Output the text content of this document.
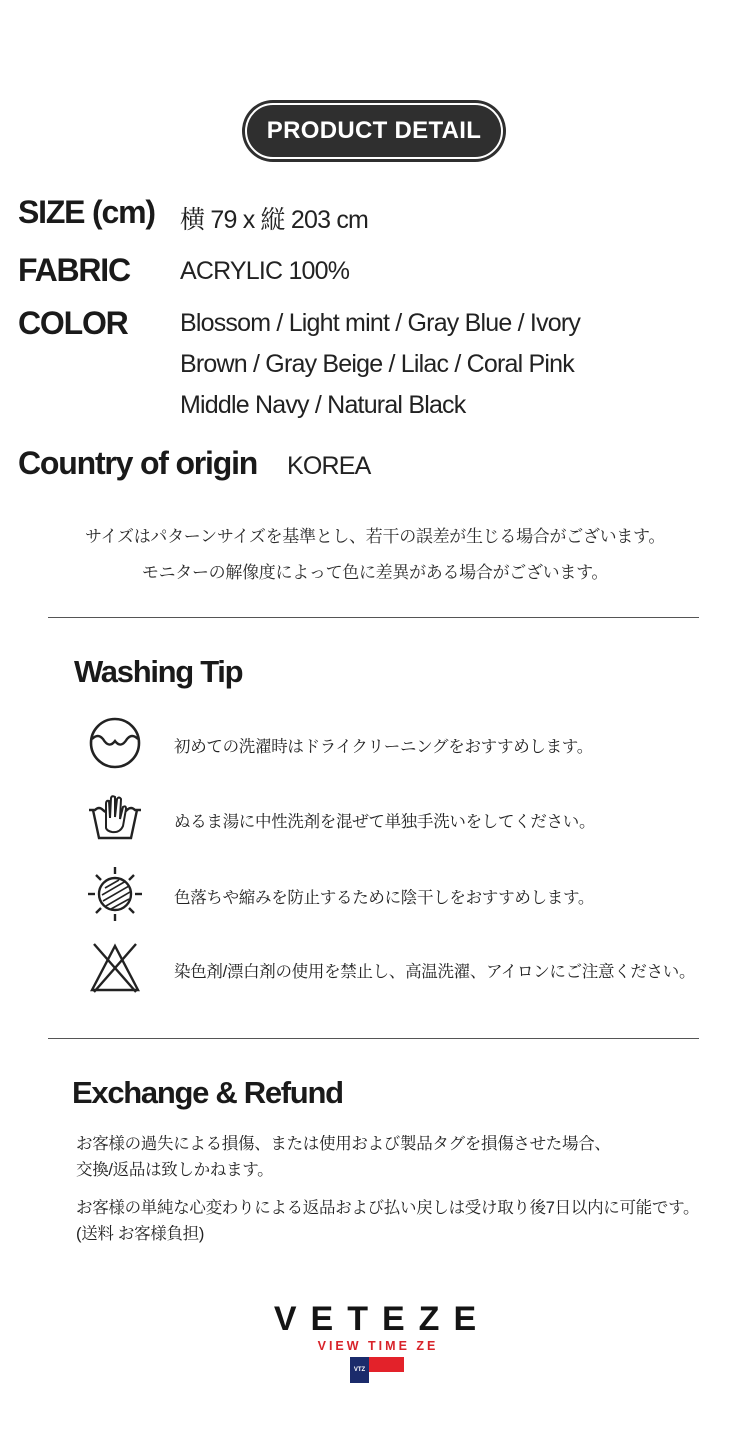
PRODUCT DETAIL
SIZE (cm) 横 79 x 縦 203 cm
FABRIC ACRYLIC 100%
COLOR Blossom / Light mint / Gray Blue / Ivory
Brown / Gray Beige / Lilac / Coral Pink
Middle Navy / Natural Black
Country of origin KOREA
サイズはパターンサイズを基準とし、若干の誤差が生じる場合がございます。
モニターの解像度によって色に差異がある場合がございます。
Washing Tip
初めての洗濯時はドライクリーニングをおすすめします。
ぬるま湯に中性洗剤を混ぜて単独手洗いをしてください。
色落ちや縮みを防止するために陰干しをおすすめします。
染色剤/漂白剤の使用を禁止し、高温洗濯、アイロンにご注意ください。
Exchange & Refund
お客様の過失による損傷、または使用および製品タグを損傷させた場合、
交換/返品は致しかねます。
お客様の単純な心変わりによる返品および払い戻しは受け取り後7日以内に可能です。
(送料 お客様負担)
VETEZE
VIEW TIME ZE
VTZ
